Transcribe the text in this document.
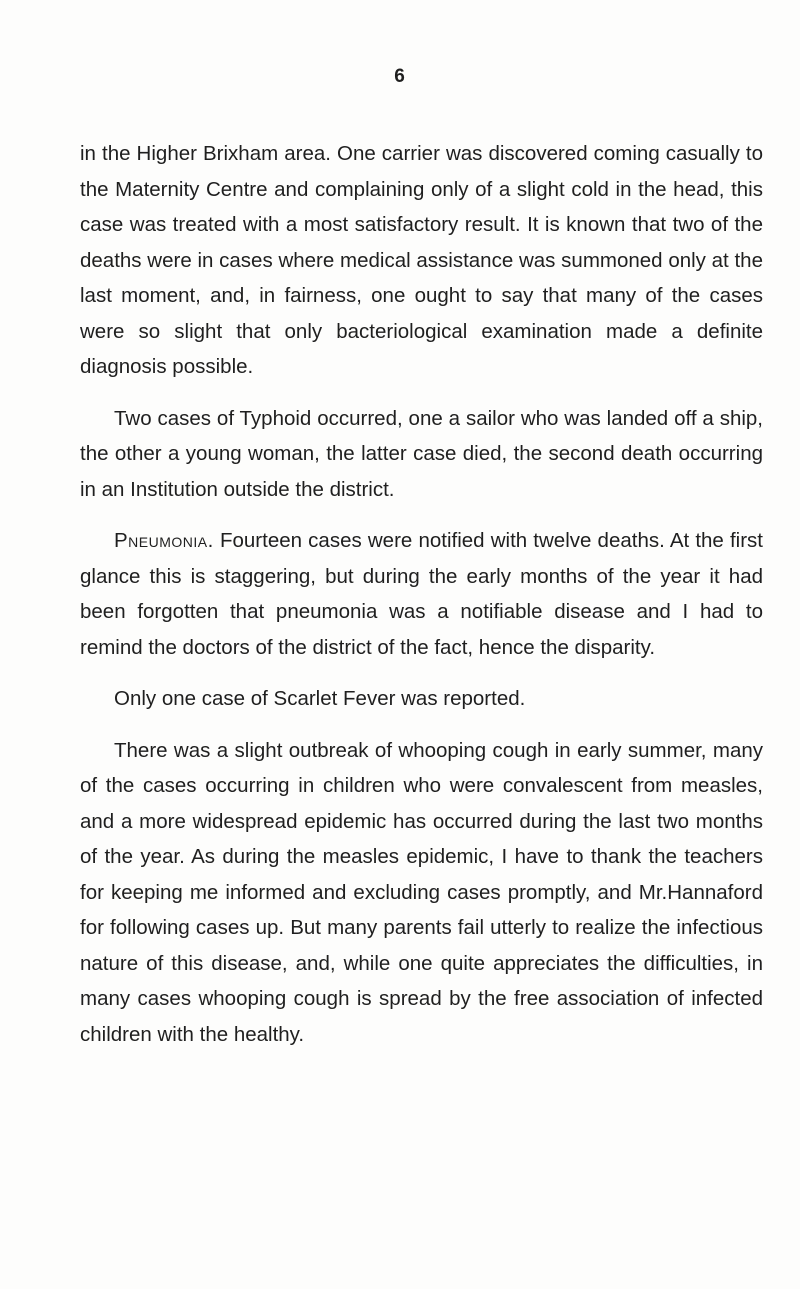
6

in the Higher Brixham area. One carrier was discovered coming casually to the Maternity Centre and complaining only of a slight cold in the head, this case was treated with a most satisfactory result. It is known that two of the deaths were in cases where medical assistance was summoned only at the last moment, and, in fairness, one ought to say that many of the cases were so slight that only bacteriological examination made a definite diagnosis possible.

Two cases of Typhoid occurred, one a sailor who was landed off a ship, the other a young woman, the latter case died, the second death occurring in an Institution outside the district.

Pneumonia. Fourteen cases were notified with twelve deaths. At the first glance this is staggering, but during the early months of the year it had been forgotten that pneumonia was a notifiable disease and I had to remind the doctors of the district of the fact, hence the disparity.

Only one case of Scarlet Fever was reported.

There was a slight outbreak of whooping cough in early summer, many of the cases occurring in children who were convalescent from measles, and a more widespread epidemic has occurred during the last two months of the year. As during the measles epidemic, I have to thank the teachers for keeping me informed and excluding cases promptly, and Mr.Hannaford for following cases up. But many parents fail utterly to realize the infectious nature of this disease, and, while one quite appreciates the difficulties, in many cases whooping cough is spread by the free association of infected children with the healthy.
